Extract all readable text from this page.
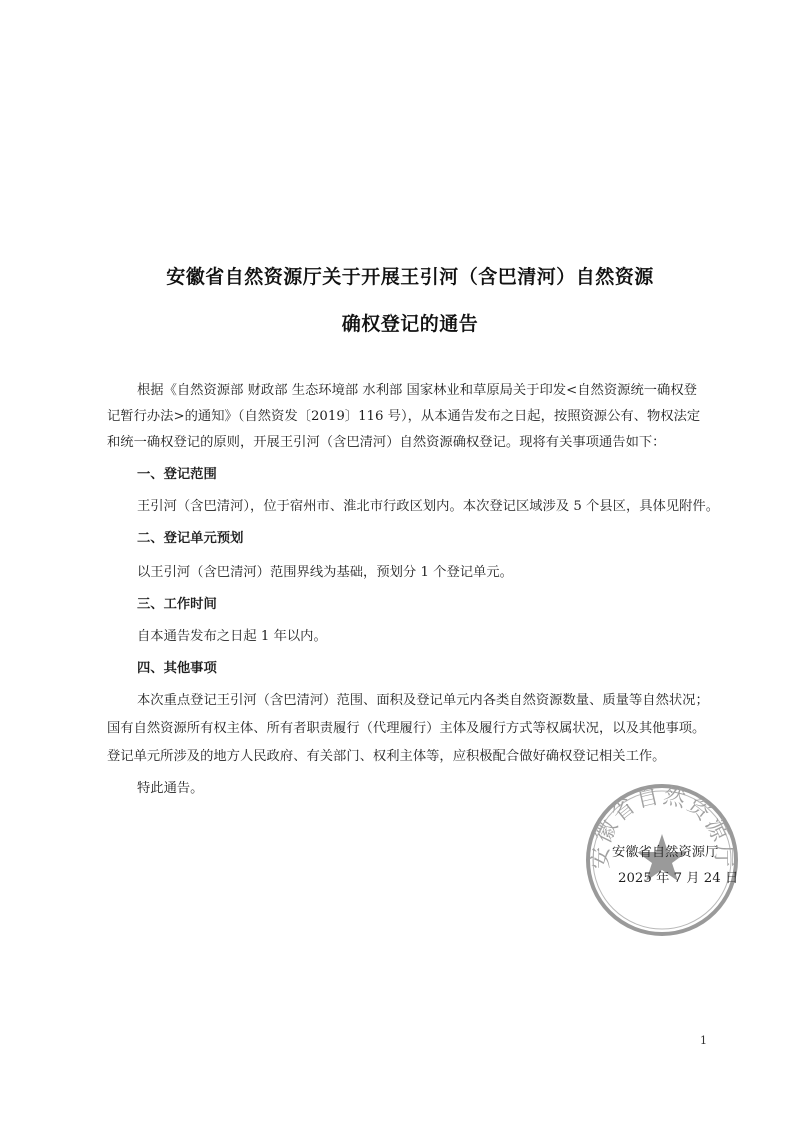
安徽省自然资源厅关于开展王引河（含巴清河）自然资源
确权登记的通告
根据《自然资源部 财政部 生态环境部 水利部 国家林业和草原局关于印发<自然资源统一确权登
记暂行办法>的通知》（自然资发〔2019〕116 号），从本通告发布之日起，按照资源公有、物权法定
和统一确权登记的原则，开展王引河（含巴清河）自然资源确权登记。现将有关事项通告如下：
一、登记范围
王引河（含巴清河），位于宿州市、淮北市行政区划内。本次登记区域涉及 5 个县区，具体见附件。
二、登记单元预划
以王引河（含巴清河）范围界线为基础，预划分 1 个登记单元。
三、工作时间
自本通告发布之日起 1 年以内。
四、其他事项
本次重点登记王引河（含巴清河）范围、面积及登记单元内各类自然资源数量、质量等自然状况；
国有自然资源所有权主体、所有者职责履行（代理履行）主体及履行方式等权属状况，以及其他事项。
登记单元所涉及的地方人民政府、有关部门、权利主体等，应积极配合做好确权登记相关工作。
特此通告。
安徽省自然资源厅
安徽省自然资源厅
2025 年 7 月 24 日
1
